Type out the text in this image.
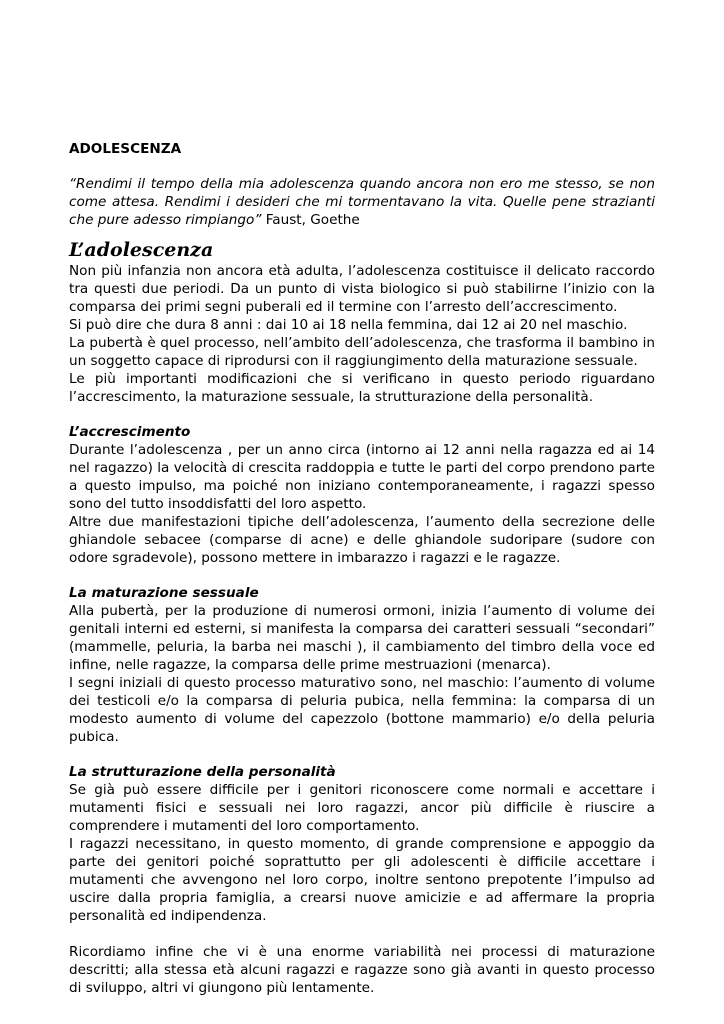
ADOLESCENZA

“Rendimi il tempo della mia adolescenza quando ancora non ero me stesso, se non come attesa. Rendimi i desideri che mi tormentavano la vita. Quelle pene strazianti che pure adesso rimpiango” Faust, Goethe

L’adolescenza

Non più infanzia non ancora età adulta, l’adolescenza costituisce il delicato raccordo tra questi due periodi. Da un punto di vista biologico si può stabilirne l’inizio con la comparsa dei primi segni puberali ed il termine con l’arresto dell’accrescimento.

Si può dire che dura 8 anni : dai 10 ai 18 nella femmina, dai 12 ai 20 nel maschio.

La pubertà è quel processo, nell’ambito dell’adolescenza, che trasforma il bambino in un soggetto capace di riprodursi con il raggiungimento della maturazione sessuale.

Le più importanti modificazioni che si verificano in questo periodo riguardano l’accrescimento, la maturazione sessuale, la strutturazione della personalità.

L’accrescimento

Durante l’adolescenza , per un anno circa (intorno ai 12 anni nella ragazza ed ai 14 nel ragazzo) la velocità di crescita raddoppia e tutte le parti del corpo prendono parte a questo impulso, ma poiché non iniziano contemporaneamente, i ragazzi spesso sono del tutto insoddisfatti del loro aspetto.

Altre due manifestazioni tipiche dell’adolescenza, l’aumento della secrezione delle ghiandole sebacee (comparse di acne) e delle ghiandole sudoripare (sudore con odore sgradevole), possono mettere in imbarazzo i ragazzi e le ragazze.

La maturazione sessuale

Alla pubertà, per la produzione di numerosi ormoni, inizia l’aumento di volume dei genitali interni ed esterni, si manifesta la comparsa dei caratteri sessuali “secondari” (mammelle, peluria, la barba nei maschi ), il cambiamento del timbro della voce ed infine, nelle ragazze, la comparsa delle prime mestruazioni (menarca).

I segni iniziali di questo processo maturativo sono, nel maschio: l’aumento di volume dei testicoli e/o la comparsa di peluria pubica, nella femmina: la comparsa di un modesto aumento di volume del capezzolo (bottone mammario) e/o della peluria pubica.

La strutturazione della personalità

Se già può essere difficile per i genitori riconoscere come normali e accettare i mutamenti fisici e sessuali nei loro ragazzi, ancor più difficile è riuscire a comprendere i mutamenti del loro comportamento.

I ragazzi necessitano, in questo momento, di grande comprensione e appoggio da parte dei genitori poiché soprattutto per gli adolescenti è difficile accettare i mutamenti che avvengono nel loro corpo, inoltre sentono prepotente l’impulso ad uscire dalla propria famiglia, a crearsi nuove amicizie e ad affermare la propria personalità ed indipendenza.

Ricordiamo infine che vi è una enorme variabilità nei processi di maturazione descritti; alla stessa età alcuni ragazzi e ragazze sono già avanti in questo processo di sviluppo, altri vi giungono più lentamente.
